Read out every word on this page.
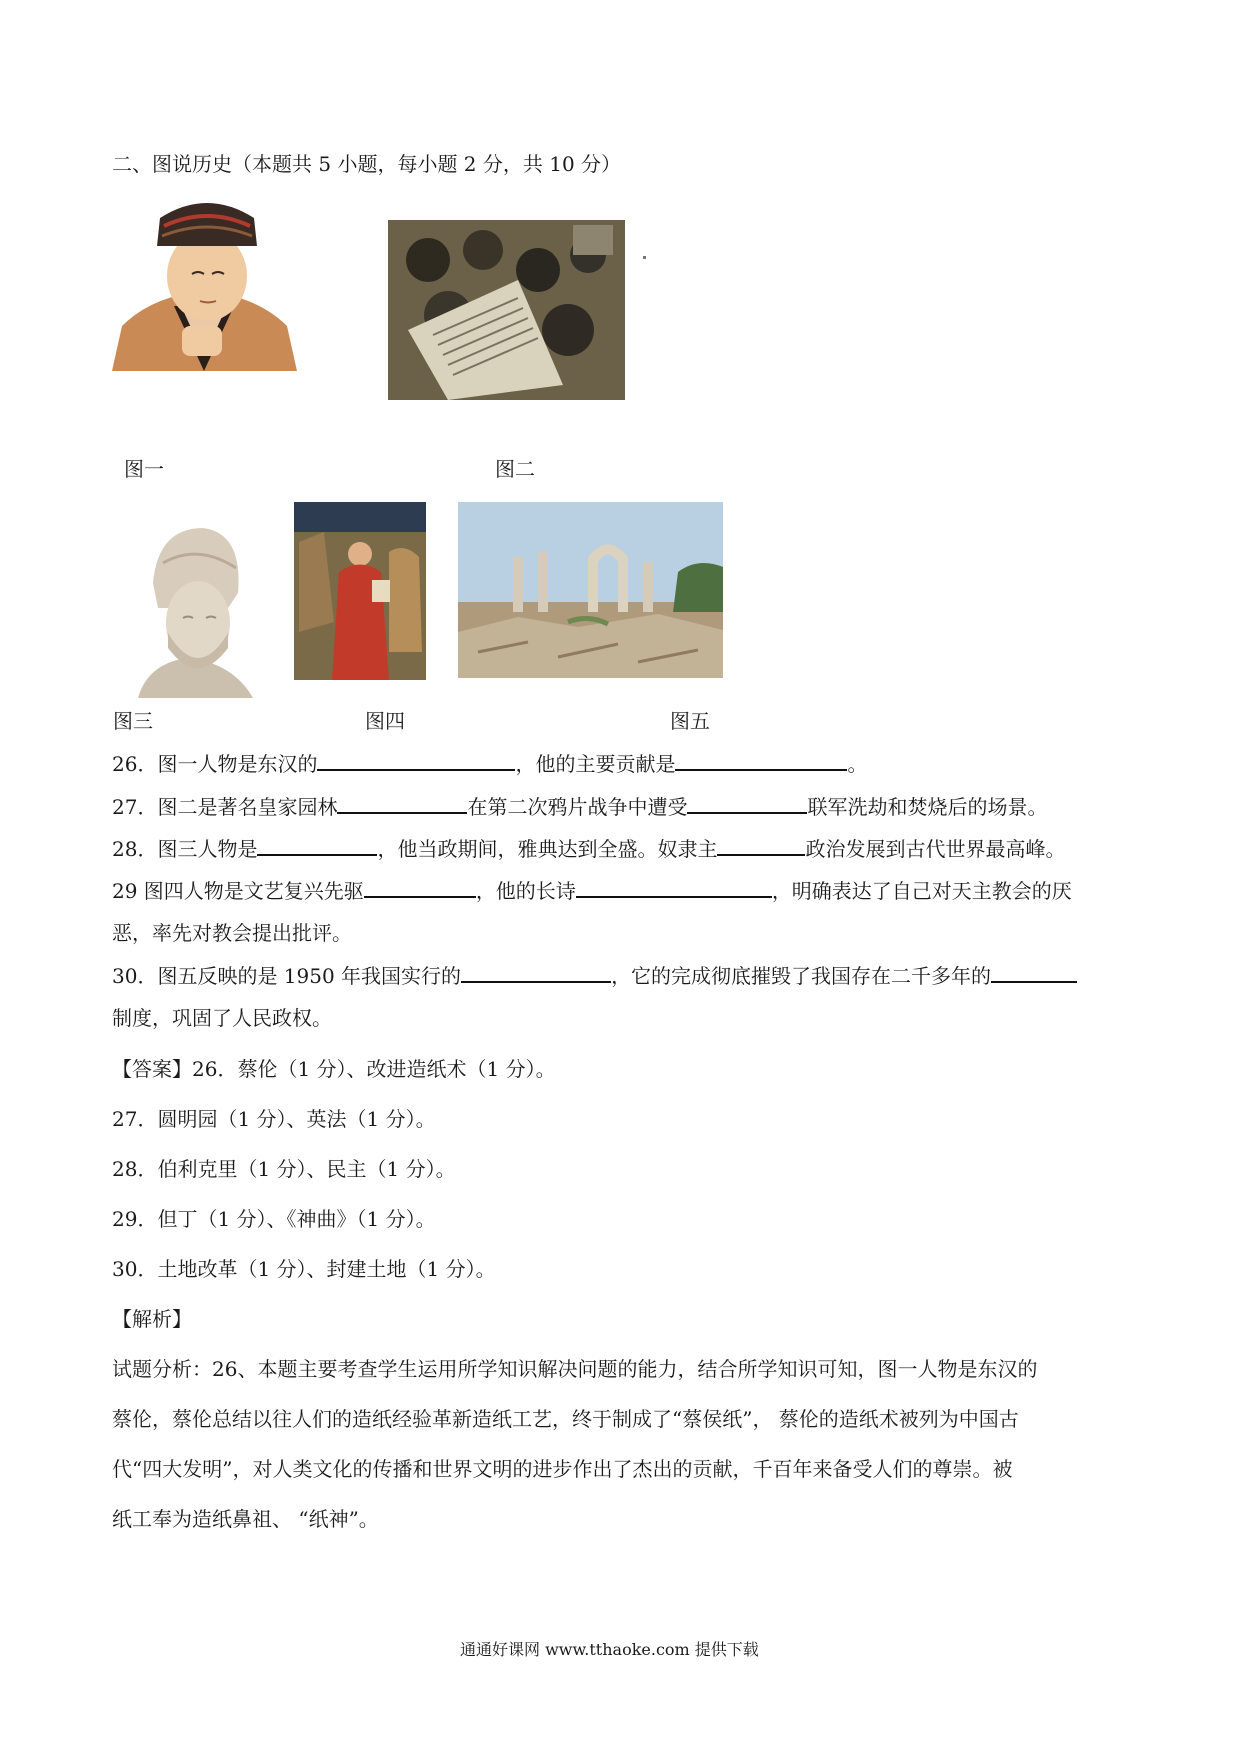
二、图说历史（本题共 5 小题，每小题 2 分，共 10 分）
图一	图二
图三	图四	图五
26．图一人物是东汉的	，他的主要贡献是	。
27．图二是著名皇家园林	在第二次鸦片战争中遭受	联军洗劫和焚烧后的场景。
28．图三人物是	，他当政期间，雅典达到全盛。奴隶主	政治发展到古代世界最高峰。
29 图四人物是文艺复兴先驱	，他的长诗	，明确表达了自己对天主教会的厌
恶，率先对教会提出批评。
30．图五反映的是 1950 年我国实行的	，它的完成彻底摧毁了我国存在二千多年的
制度，巩固了人民政权。
【答案】26．蔡伦（1 分）、改进造纸术（1 分）。
27．圆明园（1 分）、英法（1 分）。
28．伯利克里（1 分）、民主（1 分）。
29．但丁（1 分）、《神曲》（1 分）。
30．土地改革（1 分）、封建土地（1 分）。
【解析】
试题分析：26、本题主要考查学生运用所学知识解决问题的能力，结合所学知识可知，图一人物是东汉的
蔡伦，蔡伦总结以往人们的造纸经验革新造纸工艺，终于制成了“蔡侯纸”， 蔡伦的造纸术被列为中国古
代“四大发明”，对人类文化的传播和世界文明的进步作出了杰出的贡献，千百年来备受人们的尊崇。被
纸工奉为造纸鼻祖、 “纸神”。
通通好课网 www.tthaoke.com 提供下载
